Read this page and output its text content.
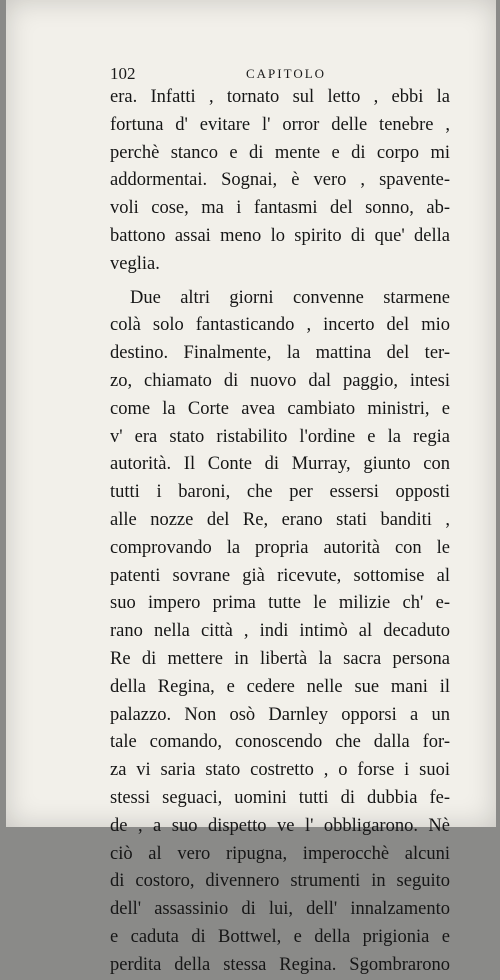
102	CAPITOLO
era. Infatti , tornato sul letto , ebbi la
fortuna d' evitare l' orror delle tenebre ,
perchè stanco e di mente e di corpo mi
addormentai. Sognai, è vero , spavente-
voli cose, ma i fantasmi del sonno, ab-
battono assai meno lo spirito di que' della
veglia.
Due altri giorni convenne starmene
colà solo fantasticando , incerto del mio
destino. Finalmente, la mattina del ter-
zo, chiamato di nuovo dal paggio, intesi
come la Corte avea cambiato ministri, e
v' era stato ristabilito l'ordine e la regia
autorità. Il Conte di Murray, giunto con
tutti i baroni, che per essersi opposti
alle nozze del Re, erano stati banditi ,
comprovando la propria autorità con le
patenti sovrane già ricevute, sottomise al
suo impero prima tutte le milizie ch' e-
rano nella città , indi intimò al decaduto
Re di mettere in libertà la sacra persona
della Regina, e cedere nelle sue mani il
palazzo. Non osò Darnley opporsi a un
tale comando, conoscendo che dalla for-
za vi saria stato costretto , o forse i suoi
stessi seguaci, uomini tutti di dubbia fe-
de , a suo dispetto ve l' obbligarono. Nè
ciò al vero ripugna, imperocchè alcuni
di costoro, divennero strumenti in seguito
dell' assassinio di lui, dell' innalzamento
e caduta di Bottwel, e della prigionia e
perdita della stessa Regina. Sgombrarono
